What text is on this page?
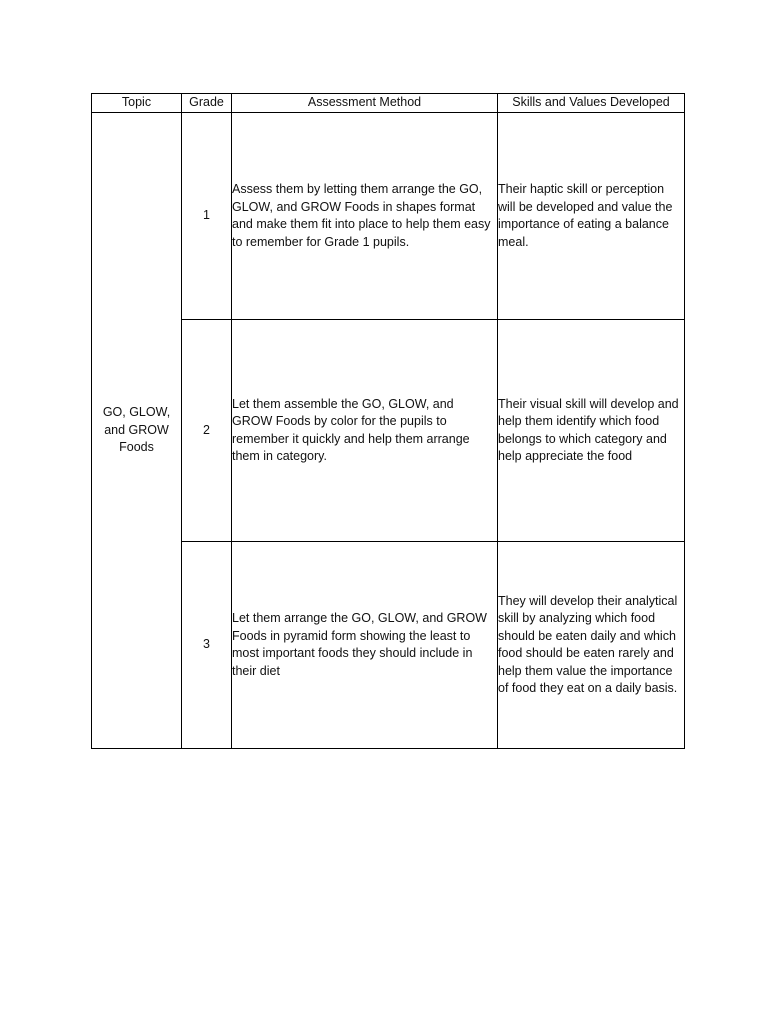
Topic	Grade	Assessment Method	Skills and Values Developed
GO, GLOW, and GROW Foods	1	Assess them by letting them arrange the GO, GLOW, and GROW Foods in shapes format and make them fit into place to help them easy to remember for Grade 1 pupils.	Their haptic skill or perception will be developed and value the importance of eating a balance meal.
	2	Let them assemble the GO, GLOW, and GROW Foods by color for the pupils to remember it quickly and help them arrange them in category.	Their visual skill will develop and help them identify which food belongs to which category and help appreciate the food
	3	Let them arrange the GO, GLOW, and GROW Foods in pyramid form showing the least to most important foods they should include in their diet	They will develop their analytical skill by analyzing which food should be eaten daily and which food should be eaten rarely and help them value the importance of food they eat on a daily basis.
